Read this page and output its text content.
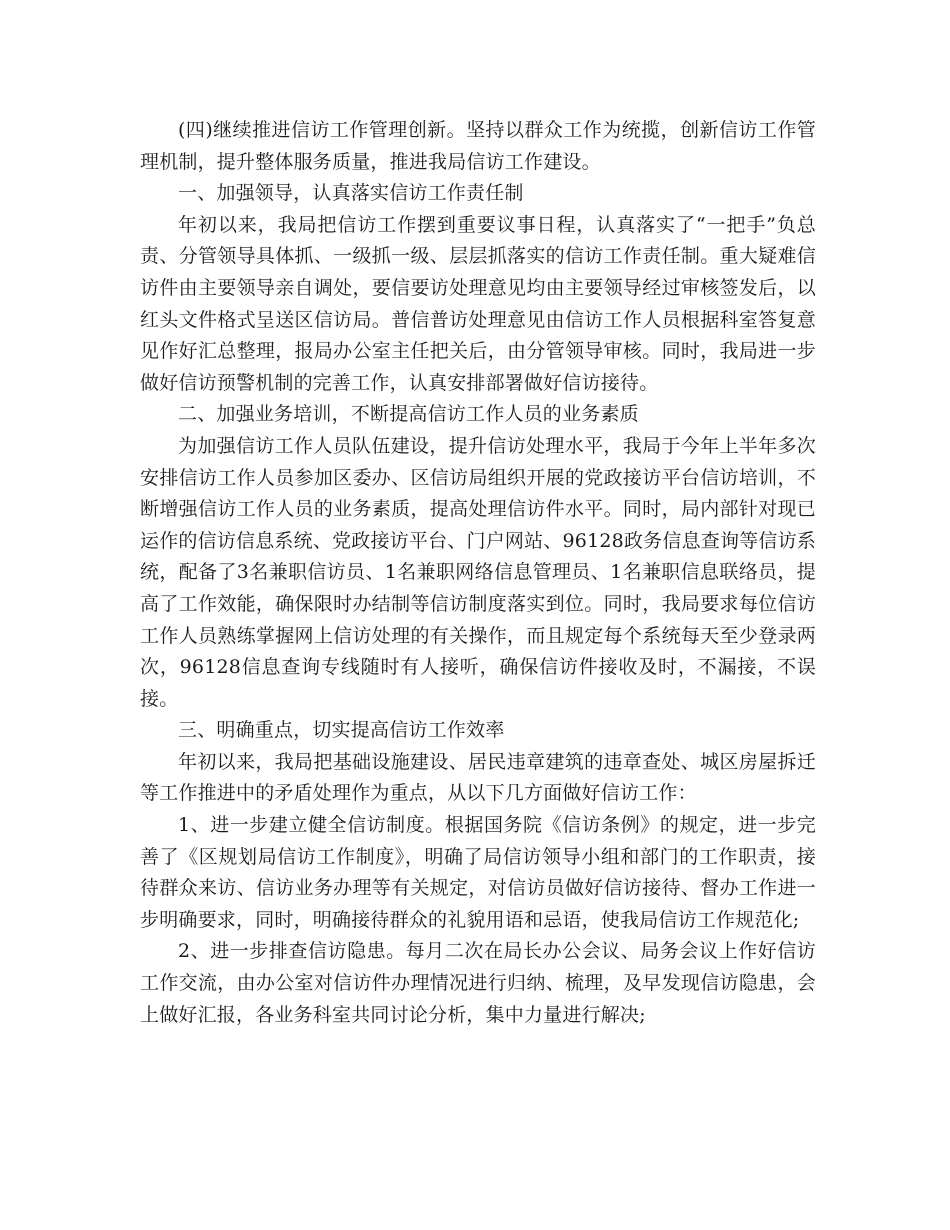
(四)继续推进信访工作管理创新。坚持以群众工作为统揽，创新信访工作管理机制，提升整体服务质量，推进我局信访工作建设。

一、加强领导，认真落实信访工作责任制

年初以来，我局把信访工作摆到重要议事日程，认真落实了“一把手”负总责、分管领导具体抓、一级抓一级、层层抓落实的信访工作责任制。重大疑难信访件由主要领导亲自调处，要信要访处理意见均由主要领导经过审核签发后，以红头文件格式呈送区信访局。普信普访处理意见由信访工作人员根据科室答复意见作好汇总整理，报局办公室主任把关后，由分管领导审核。同时，我局进一步做好信访预警机制的完善工作，认真安排部署做好信访接待。

二、加强业务培训，不断提高信访工作人员的业务素质

为加强信访工作人员队伍建设，提升信访处理水平，我局于今年上半年多次安排信访工作人员参加区委办、区信访局组织开展的党政接访平台信访培训，不断增强信访工作人员的业务素质，提高处理信访件水平。同时，局内部针对现已运作的信访信息系统、党政接访平台、门户网站、96128政务信息查询等信访系统，配备了3名兼职信访员、1名兼职网络信息管理员、1名兼职信息联络员，提高了工作效能，确保限时办结制等信访制度落实到位。同时，我局要求每位信访工作人员熟练掌握网上信访处理的有关操作，而且规定每个系统每天至少登录两次，96128信息查询专线随时有人接听，确保信访件接收及时，不漏接，不误接。

三、明确重点，切实提高信访工作效率

年初以来，我局把基础设施建设、居民违章建筑的违章查处、城区房屋拆迁等工作推进中的矛盾处理作为重点，从以下几方面做好信访工作：

1、进一步建立健全信访制度。根据国务院《信访条例》的规定，进一步完善了《区规划局信访工作制度》，明确了局信访领导小组和部门的工作职责，接待群众来访、信访业务办理等有关规定，对信访员做好信访接待、督办工作进一步明确要求，同时，明确接待群众的礼貌用语和忌语，使我局信访工作规范化;

2、进一步排查信访隐患。每月二次在局长办公会议、局务会议上作好信访工作交流，由办公室对信访件办理情况进行归纳、梳理，及早发现信访隐患，会上做好汇报，各业务科室共同讨论分析，集中力量进行解决;
